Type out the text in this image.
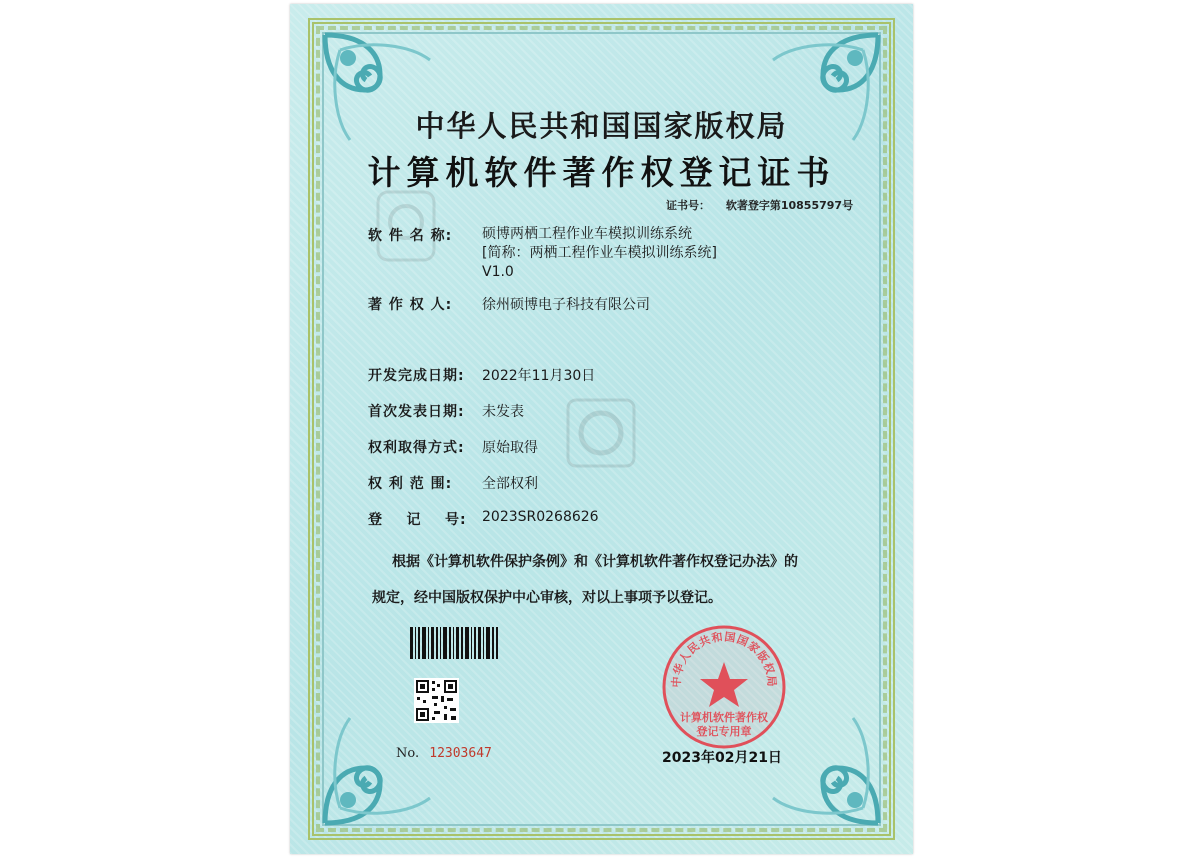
中华人民共和国国家版权局
计算机软件著作权登记证书
证书号： 软著登字第10855797号
软 件 名 称:	硕博两栖工程作业车模拟训练系统
[简称：两栖工程作业车模拟训练系统]
V1.0
著 作 权 人:	徐州硕博电子科技有限公司
开发完成日期:	2022年11月30日
首次发表日期:	未发表
权利取得方式:	原始取得
权 利 范 围:	全部权利
登    记    号:	2023SR0268626
根据《计算机软件保护条例》和《计算机软件著作权登记办法》的
规定，经中国版权保护中心审核，对以上事项予以登记。
No. 12303647
中华人民共和国国家版权局
计算机软件著作权
登记专用章
2023年02月21日
